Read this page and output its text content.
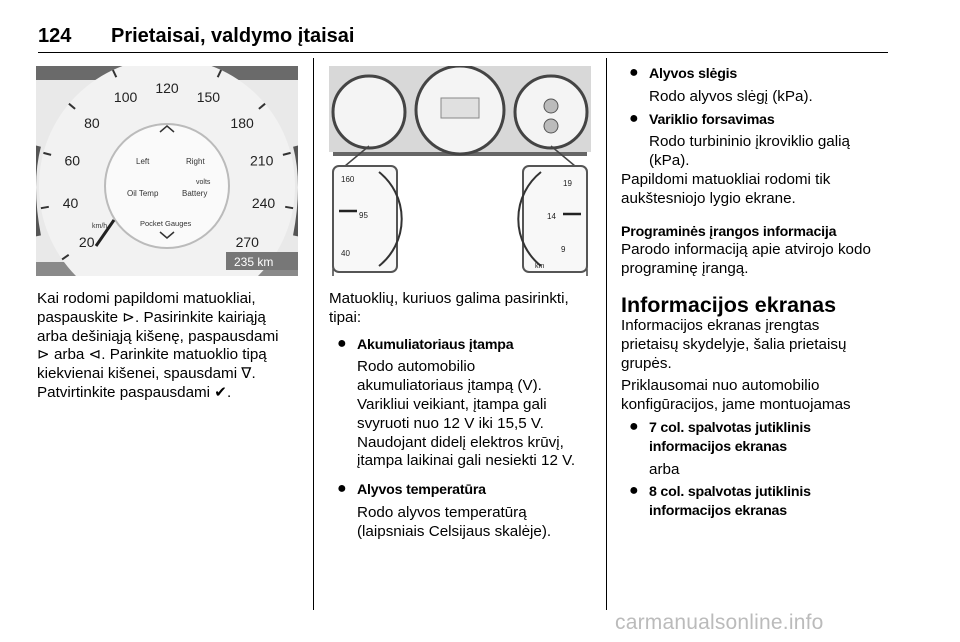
124 Prietaisai, valdymo įtaisai
20
40
60
80
100
120
150
180
210
240
270
Left	Right
Oil Temp
volts
Battery
Pocket Gauges
km/h
235 km
160
95
40
19
14
9
km

Kai rodomi papildomi matuokliai,

paspauskite ⊳. Pasirinkite kairiąją

arba dešiniąją kišenę, paspausdami

⊳ arba ⊲. Parinkite matuoklio tipą

kiekvienai kišenei, spausdami ∇.

Patvirtinkite paspausdami ✔.

Matuoklių, kuriuos galima pasirinkti,

tipai:

● Akumuliatoriaus įtampa

Rodo automobilio

akumuliatoriaus įtampą (V).

Varikliui veikiant, įtampa gali

svyruoti nuo 12 V iki 15,5 V.

Naudojant didelį elektros krūvį,

įtampa laikinai gali nesiekti 12 V.

● Alyvos temperatūra

Rodo alyvos temperatūrą

(laipsniais Celsijaus skalėje).

● Alyvos slėgis

Rodo alyvos slėgį (kPa).

● Variklio forsavimas

Rodo turbininio įkroviklio galią

(kPa).

Papildomi matuokliai rodomi tik

aukštesniojo lygio ekrane.

Programinės įrangos informacija

Parodo informaciją apie atvirojo kodo

programinę įrangą.

Informacijos ekranas

Informacijos ekranas įrengtas

prietaisų skydelyje, šalia prietaisų

grupės.

Priklausomai nuo automobilio

konfigūracijos, jame montuojamas

● 7 col. spalvotas jutiklinis

informacijos ekranas

arba

● 8 col. spalvotas jutiklinis

informacijos ekranas

carmanualsonline.info
